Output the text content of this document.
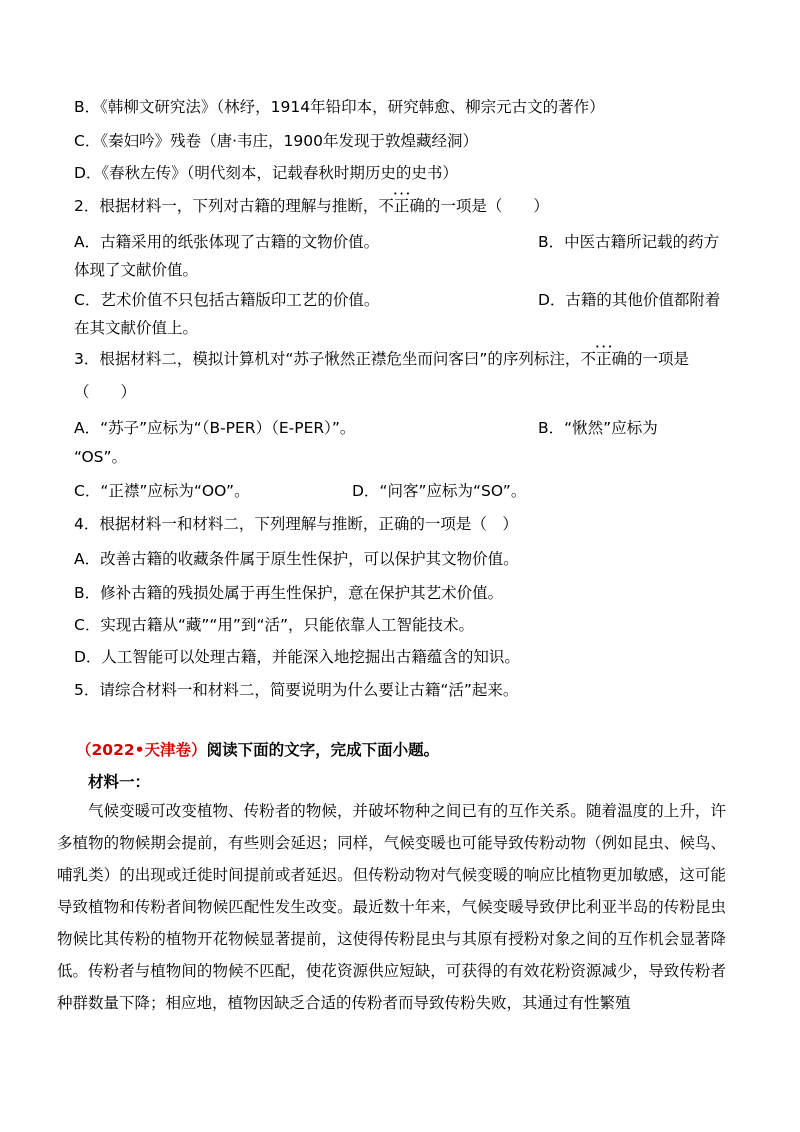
B．《韩柳文研究法》（林纾，1914年铅印本，研究韩愈、柳宗元古文的著作）
C．《秦妇吟》残卷（唐·韦庄，1900年发现于敦煌藏经洞）
D．《春秋左传》（明代刻本，记载春秋时期历史的史书）
2．根据材料一，下列对古籍的理解与推断，• • • 不正确的一项是（　　）
A．古籍采用的纸张体现了古籍的文物价值。	B．中医古籍所记载的药方
体现了文献价值。
C．艺术价值不只包括古籍版印工艺的价值。	D．古籍的其他价值都附着
在其文献价值上。
3．根据材料二，模拟计算机对“苏子愀然正襟危坐而问客曰”的序列标注，• • • 不正确的一项是
（　　）
A．“苏子”应标为“（B-PER）（E-PER）”。	B．“愀然”应标为
“OS”。
C．“正襟”应标为“OO”。	D．“问客”应标为“SO”。
4．根据材料一和材料二，下列理解与推断，正确的一项是（　）
A．改善古籍的收藏条件属于原生性保护，可以保护其文物价值。
B．修补古籍的残损处属于再生性保护，意在保护其艺术价值。
C．实现古籍从“藏”“用”到“活”，只能依靠人工智能技术。
D．人工智能可以处理古籍，并能深入地挖掘出古籍蕴含的知识。
5．请综合材料一和材料二，简要说明为什么要让古籍“活”起来。
（2022•天津卷）阅读下面的文字，完成下面小题。
材料一：
气候变暖可改变植物、传粉者的物候，并破坏物种之间已有的互作关系。随着温度的上升，许多植物的物候期会提前，有些则会延迟；同样，气候变暖也可能导致传粉动物（例如昆虫、候鸟、哺乳类）的出现或迁徙时间提前或者延迟。但传粉动物对气候变暖的响应比植物更加敏感，这可能导致植物和传粉者间物候匹配性发生改变。最近数十年来，气候变暖导致伊比利亚半岛的传粉昆虫物候比其传粉的植物开花物候显著提前，这使得传粉昆虫与其原有授粉对象之间的互作机会显著降低。 传粉者与植物间的物候不匹配，使花资源供应短缺，可获得的有效花粉资源减少，导致传粉者种群数量下降；相应地，植物因缺乏合适的传粉者而导致传粉失败，其通过有性繁殖
